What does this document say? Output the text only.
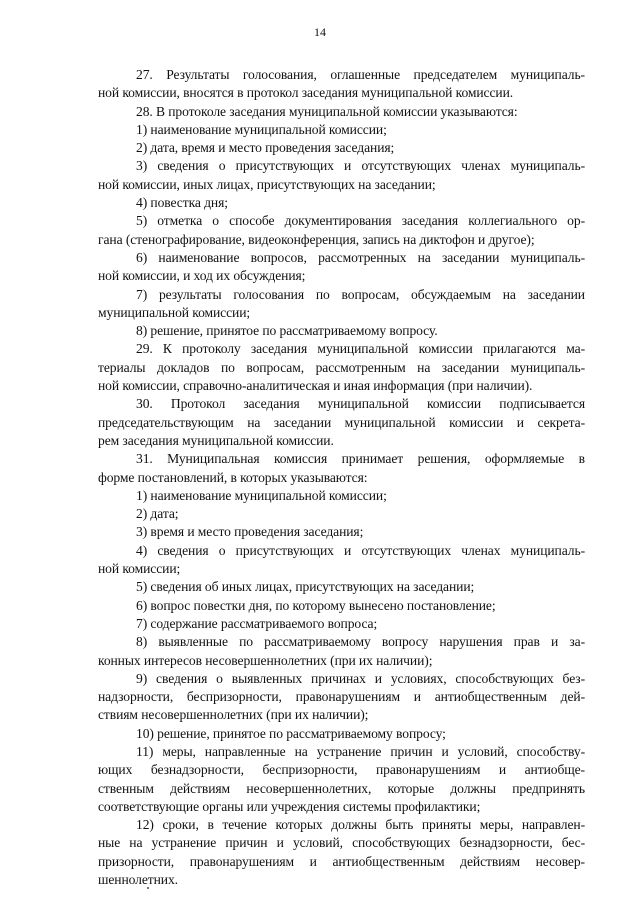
14
27. Результаты голосования, оглашенные председателем муниципаль-
ной комиссии, вносятся в протокол заседания муниципальной комиссии.
28. В протоколе заседания муниципальной комиссии указываются:
1) наименование муниципальной комиссии;
2) дата, время и место проведения заседания;
3) сведения о присутствующих и отсутствующих членах муниципаль-
ной комиссии, иных лицах, присутствующих на заседании;
4) повестка дня;
5) отметка о способе документирования заседания коллегиального ор-
гана (стенографирование, видеоконференция, запись на диктофон и другое);
6) наименование вопросов, рассмотренных на заседании муниципаль-
ной комиссии, и ход их обсуждения;
7) результаты голосования по вопросам, обсуждаемым на заседании
муниципальной комиссии;
8) решение, принятое по рассматриваемому вопросу.
29. К протоколу заседания муниципальной комиссии прилагаются ма-
териалы докладов по вопросам, рассмотренным на заседании муниципаль-
ной комиссии, справочно-аналитическая и иная информация (при наличии).
30. Протокол заседания муниципальной комиссии подписывается
председательствующим на заседании муниципальной комиссии и секрета-
рем заседания муниципальной комиссии.
31. Муниципальная комиссия принимает решения, оформляемые в
форме постановлений, в которых указываются:
1) наименование муниципальной комиссии;
2) дата;
3) время и место проведения заседания;
4) сведения о присутствующих и отсутствующих членах муниципаль-
ной комиссии;
5) сведения об иных лицах, присутствующих на заседании;
6) вопрос повестки дня, по которому вынесено постановление;
7) содержание рассматриваемого вопроса;
8) выявленные по рассматриваемому вопросу нарушения прав и за-
конных интересов несовершеннолетних (при их наличии);
9) сведения о выявленных причинах и условиях, способствующих без-
надзорности, беспризорности, правонарушениям и антиобщественным дей-
ствиям несовершеннолетних (при их наличии);
10) решение, принятое по рассматриваемому вопросу;
11) меры, направленные на устранение причин и условий, способству-
ющих безнадзорности, беспризорности, правонарушениям и антиобще-
ственным действиям несовершеннолетних, которые должны предпринять
соответствующие органы или учреждения системы профилактики;
12) сроки, в течение которых должны быть приняты меры, направлен-
ные на устранение причин и условий, способствующих безнадзорности, бес-
призорности, правонарушениям и антиобщественным действиям несовер-
шеннолетних.
